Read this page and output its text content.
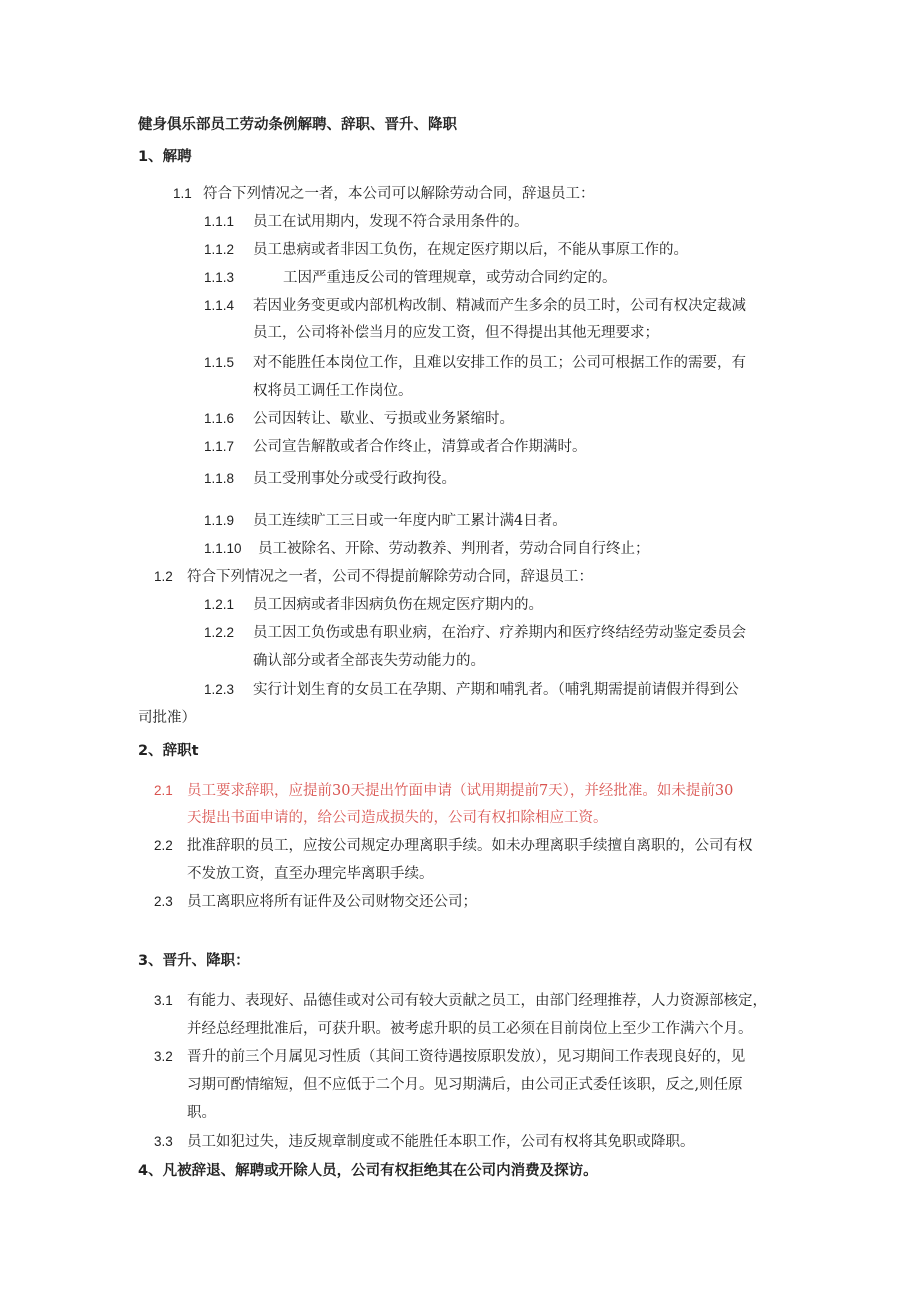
健身俱乐部员工劳动条例解聘、辞职、晋升、降职
1、解聘
1.1 符合下列情况之一者，本公司可以解除劳动合同，辞退员工：
1.1.1 员工在试用期内，发现不符合录用条件的。
1.1.2 员工患病或者非因工负伤，在规定医疗期以后，不能从事原工作的。
1.1.3	工因严重违反公司的管理规章，或劳动合同约定的。
1.1.4 若因业务变更或内部机构改制、精减而产生多余的员工时，公司有权决定裁减
员工，公司将补偿当月的应发工资，但不得提出其他无理要求；
1.1.5 对不能胜任本岗位工作，且难以安排工作的员工；公司可根据工作的需要，有
权将员工调任工作岗位。
1.1.6 公司因转让、歇业、亏损或业务紧缩时。
1.1.7 公司宣告解散或者合作终止，清算或者合作期满时。
1.1.8 员工受刑事处分或受行政拘役。
1.1.9 员工连续旷工三日或一年度内旷工累计满4日者。
1.1.10 员工被除名、开除、劳动教养、判刑者，劳动合同自行终止；
1.2 符合下列情况之一者，公司不得提前解除劳动合同，辞退员工：
1.2.1 员工因病或者非因病负伤在规定医疗期内的。
1.2.2 员工因工负伤或患有职业病，在治疗、疗养期内和医疗终结经劳动鉴定委员会
确认部分或者全部丧失劳动能力的。
1.2.3 实行计划生育的女员工在孕期、产期和哺乳者。（哺乳期需提前请假并得到公
司批准）
2、辞职t
2.1 员工要求辞职，应提前30天提出竹面申请（试用期提前7天），并经批准。如未提前30
天提出书面申请的，给公司造成损失的，公司有权扣除相应工资。
2.2 批准辞职的员工，应按公司规定办理离职手续。如未办理离职手续擅自离职的，公司有权
不发放工资，直至办理完毕离职手续。
2.3 员工离职应将所有证件及公司财物交还公司；
3、晋升、降职：
3.1 有能力、表现好、品德佳或对公司有较大贡献之员工，由部门经理推荐，人力资源部核定，
并经总经理批准后，可获升职。被考虑升职的员工必须在目前岗位上至少工作满六个月。
3.2 晋升的前三个月属见习性质（其间工资待遇按原职发放），见习期间工作表现良好的，见
习期可酌情缩短，但不应低于二个月。见习期满后，由公司正式委任该职，反之,则任原
职。
3.3 员工如犯过失，违反规章制度或不能胜任本职工作，公司有权将其免职或降职。
4、凡被辞退、解聘或开除人员，公司有权拒绝其在公司内消费及探访。
